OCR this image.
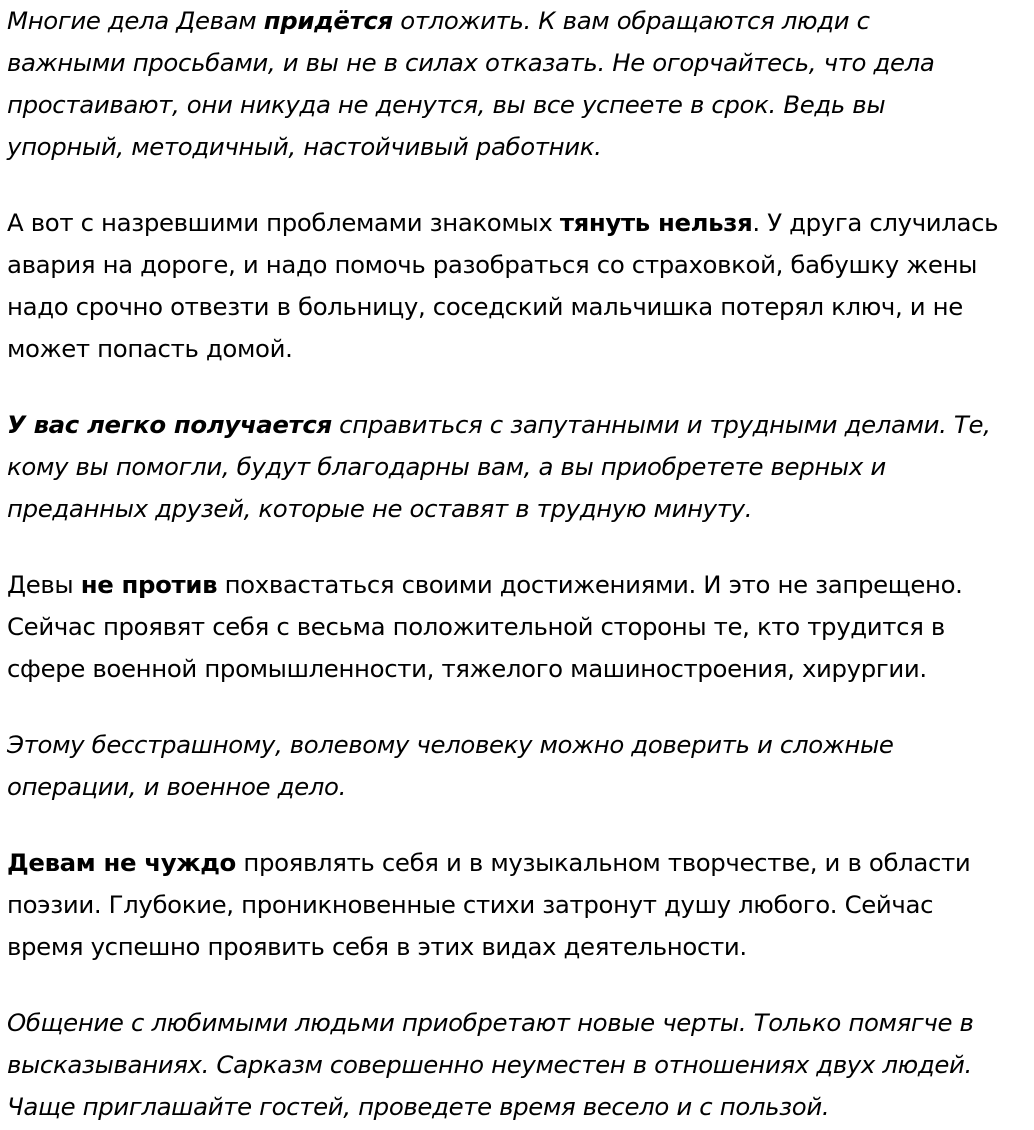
Многие дела Девам придётся отложить. К вам обращаются люди с
важными просьбами, и вы не в силах отказать. Не огорчайтесь, что дела
простаивают, они никуда не денутся, вы все успеете в срок. Ведь вы
упорный, методичный, настойчивый работник.

А вот с назревшими проблемами знакомых тянуть нельзя. У друга случилась
авария на дороге, и надо помочь разобраться со страховкой, бабушку жены
надо срочно отвезти в больницу, соседский мальчишка потерял ключ, и не
может попасть домой.

У вас легко получается справиться с запутанными и трудными делами. Те,
кому вы помогли, будут благодарны вам, а вы приобретете верных и
преданных друзей, которые не оставят в трудную минуту.

Девы не против похвастаться своими достижениями. И это не запрещено.
Сейчас проявят себя с весьма положительной стороны те, кто трудится в
сфере военной промышленности, тяжелого машиностроения, хирургии.

Этому бесстрашному, волевому человеку можно доверить и сложные
операции, и военное дело.

Девам не чуждо проявлять себя и в музыкальном творчестве, и в области
поэзии. Глубокие, проникновенные стихи затронут душу любого. Сейчас
время успешно проявить себя в этих видах деятельности.

Общение с любимыми людьми приобретают новые черты. Только помягче в
высказываниях. Сарказм совершенно неуместен в отношениях двух людей.
Чаще приглашайте гостей, проведете время весело и с пользой.
